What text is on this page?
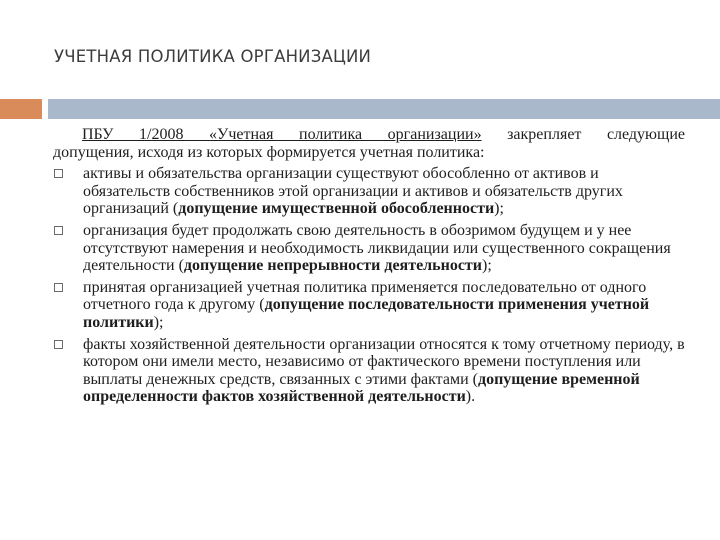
УЧЕТНАЯ ПОЛИТИКА ОРГАНИЗАЦИИ

ПБУ 1/2008 «Учетная политика организации» закрепляет следующие
допущения, исходя из которых формируется учетная политика:

активы и обязательства организации существуют обособленно от активов и обязательств собственников этой организации и активов и обязательств других организаций (допущение имущественной обособленности);
организация будет продолжать свою деятельность в обозримом будущем и у нее отсутствуют намерения и необходимость ликвидации или существенного сокращения деятельности (допущение непрерывности деятельности);
принятая организацией учетная политика применяется последовательно от одного отчетного года к другому (допущение последовательности применения учетной политики);
факты хозяйственной деятельности организации относятся к тому отчетному периоду, в котором они имели место, независимо от фактического времени поступления или выплаты денежных средств, связанных с этими фактами (допущение временной определенности фактов хозяйственной деятельности).
